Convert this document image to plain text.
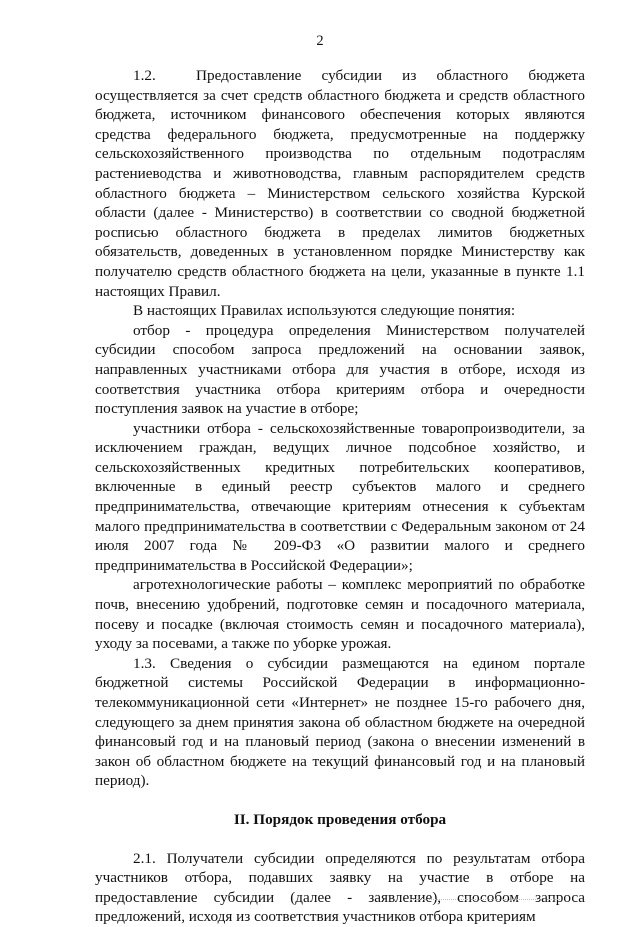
2

1.2.  Предоставление субсидии из областного бюджета осуществляется за счет средств областного бюджета и средств областного бюджета, источником финансового обеспечения которых являются средства федерального бюджета, предусмотренные на поддержку сельскохозяйственного производства по отдельным подотраслям растениеводства и животноводства, главным распорядителем средств областного бюджета – Министерством сельского хозяйства Курской области (далее - Министерство) в соответствии со сводной бюджетной росписью областного бюджета в пределах лимитов бюджетных обязательств, доведенных в установленном порядке Министерству как получателю средств областного бюджета на цели, указанные в пункте 1.1 настоящих Правил.

В настоящих Правилах используются следующие понятия:

отбор - процедура определения Министерством получателей субсидии способом запроса предложений на основании заявок, направленных участниками отбора для участия в отборе, исходя из соответствия участника отбора критериям отбора и очередности поступления заявок на участие в отборе;

участники отбора - сельскохозяйственные товаропроизводители, за исключением граждан, ведущих личное подсобное хозяйство, и сельскохозяйственных кредитных потребительских кооперативов, включенные в единый реестр субъектов малого и среднего предпринимательства, отвечающие критериям отнесения к субъектам малого предпринимательства в соответствии с Федеральным законом от 24 июля 2007 года № 209-ФЗ «О развитии малого и среднего предпринимательства в Российской Федерации»;

агротехнологические работы – комплекс мероприятий по обработке почв, внесению удобрений, подготовке семян и посадочного материала, посеву и посадке (включая стоимость семян и посадочного материала), уходу за посевами, а также по уборке урожая.

1.3. Сведения о субсидии размещаются на едином портале бюджетной системы Российской Федерации в информационно-телекоммуникационной сети «Интернет» не позднее 15-го рабочего дня, следующего за днем принятия закона об областном бюджете на очередной финансовый год и на плановый период (закона о внесении изменений в закон об областном бюджете на текущий финансовый год и на плановый период).

II. Порядок проведения отбора

2.1. Получатели субсидии определяются по результатам отбора участников отбора, подавших заявку на участие в отборе на предоставление субсидии (далее - заявление), способом запроса предложений, исходя из соответствия участников отбора критериям
